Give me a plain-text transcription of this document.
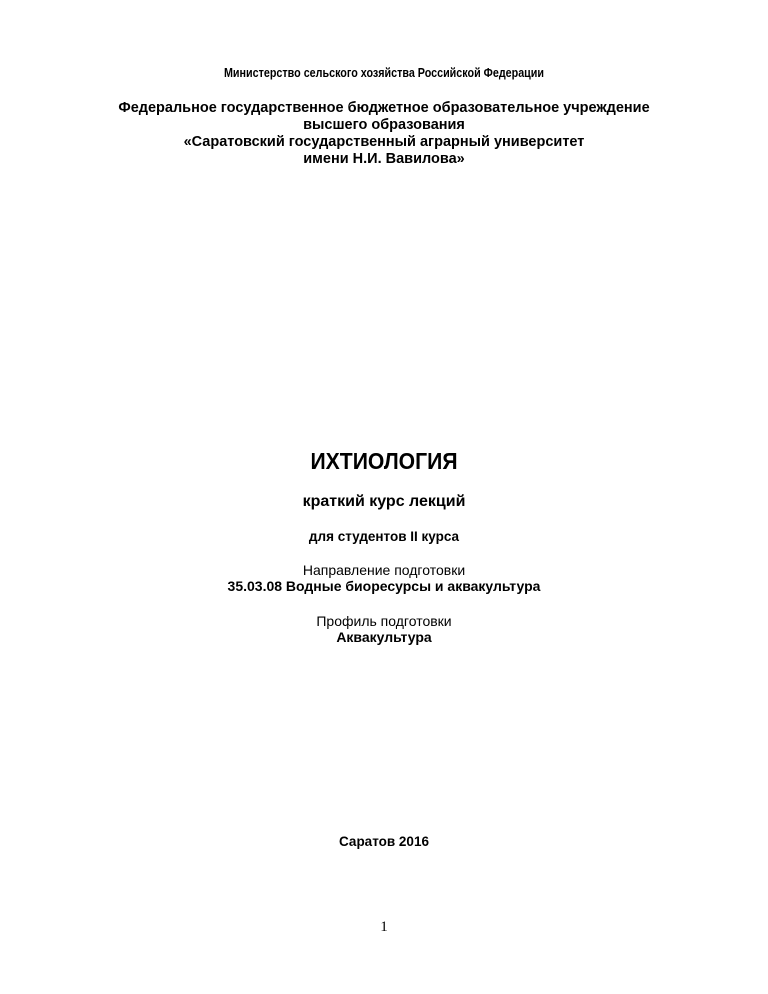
Министерство сельского хозяйства Российской Федерации
Федеральное государственное бюджетное образовательное учреждение
высшего образования
«Саратовский государственный аграрный университет
имени Н.И. Вавилова»
ИХТИОЛОГИЯ
краткий курс лекций
для студентов II курса
Направление подготовки
35.03.08 Водные биоресурсы и аквакультура
Профиль подготовки
Аквакультура
Саратов 2016
1
